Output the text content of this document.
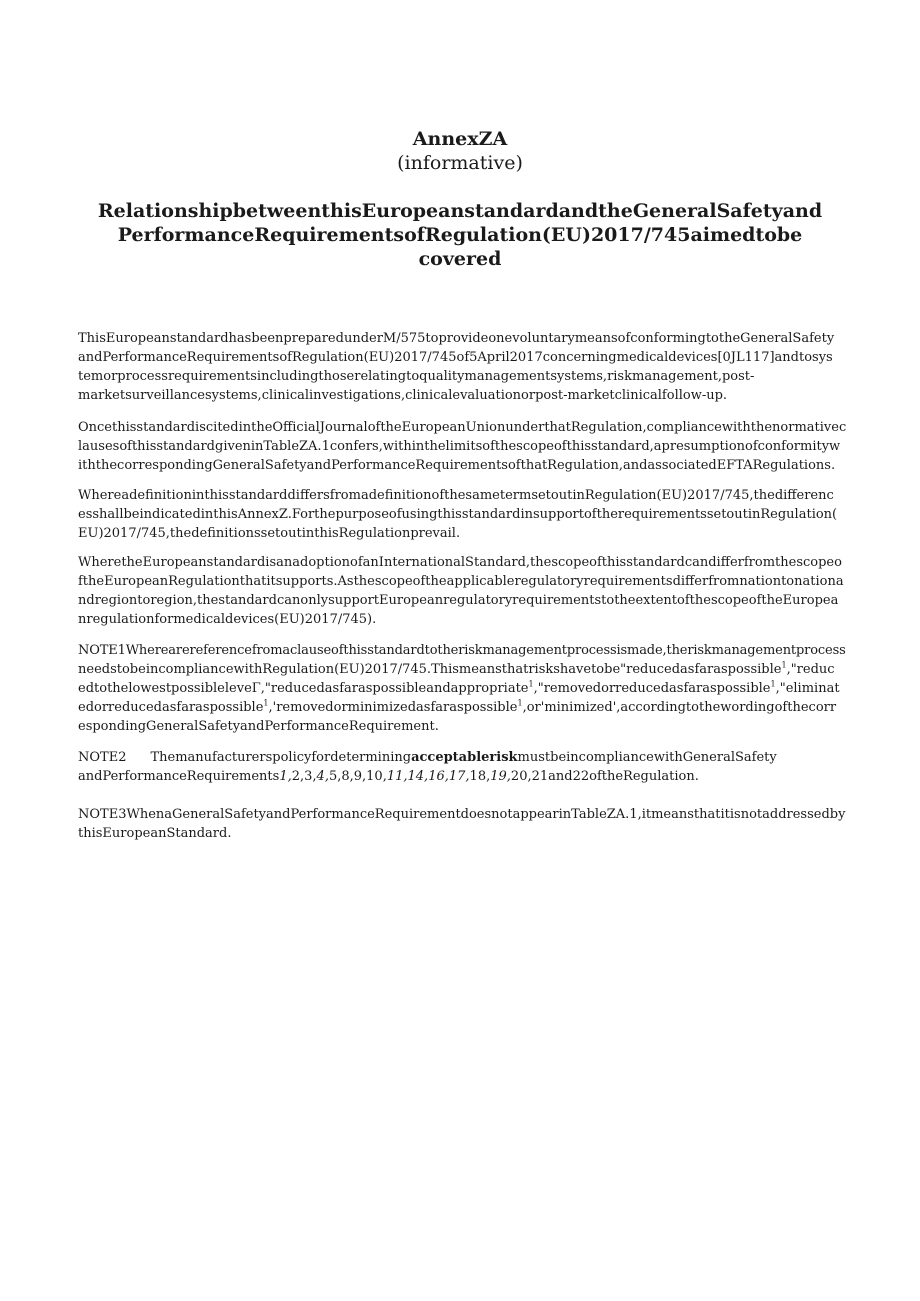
AnnexZA
(informative)
RelationshipbetweenthisEuropeanstandardandtheGeneralSafetyand
PerformanceRequirementsofRegulation(EU)2017/745aimedtobe
covered
ThisEuropeanstandardhasbeenpreparedunderM/575toprovideonevoluntarymeansofconformingtotheGeneralSafety
andPerformanceRequirementsofRegulation(EU)2017/745of5April2017concerningmedicaldevices[0JL117]andtosys
temorprocessrequirementsincludingthoserelatingtoqualitymanagementsystems,riskmanagement,post-
marketsurveillancesystems,clinicalinvestigations,clinicalevaluationorpost-marketclinicalfollow-up.
OncethisstandardiscitedintheOfficialJournaloftheEuropeanUnionunderthatRegulation,compliancewiththenormativec
lausesofthisstandardgiveninTableZA.1confers,withinthelimitsofthescopeofthisstandard,apresumptionofconformityw
iththecorrespondingGeneralSafetyandPerformanceRequirementsofthatRegulation,andassociatedEFTARegulations.
WhereadefinitioninthisstandarddiffersfromadefinitionofthesametermsetoutinRegulation(EU)2017/745,thedifferenc
esshallbeindicatedinthisAnnexZ.ForthepurposeofusingthisstandardinsupportoftherequirementssetoutinRegulation(
EU)2017/745,thedefinitionssetoutinthisRegulationprevail.
WheretheEuropeanstandardisanadoptionofanInternationalStandard,thescopeofthisstandardcandifferfromthescopeo
ftheEuropeanRegulationthatitsupports.Asthescopeoftheapplicableregulatoryrequirementsdifferfromnationtonationa
ndregiontoregion,thestandardcanonlysupportEuropeanregulatoryrequirementstotheextentofthescopeoftheEuropea
nregulationformedicaldevices(EU)2017/745).
NOTE1Wherearereferencefromaclauseofthisstandardtotheriskmanagementprocessismade,theriskmanagementprocess
needstobeincompliancewithRegulation(EU)2017/745.Thismeansthatriskshavetobe"reducedasfaraspossible$^1$,"reduc
edtothelowestpossibleleveΓ,"reducedasfaraspossibleandappropriate$^1$,"removedorreducedasfaraspossible$^1$,"eliminat
edorreducedasfaraspossible$^1$,'removedorminimizedasfaraspossible$^1$,or'minimized',accordingtothewordingofthecorr
espondingGeneralSafetyandPerformanceRequirement.
NOTE2 ThemanufacturerspolicyfordeterminingacceptableriskmustbeincompliancewithGeneralSafety
andPerformanceRequirements1,2,3,4,5,8,9,10,11,14,16,17,18,19,20,21and22oftheRegulation.
NOTE3WhenaGeneralSafetyandPerformanceRequirementdoesnotappearinTableZA.1,itmeansthatitisnotaddressedby
thisEuropeanStandard.
